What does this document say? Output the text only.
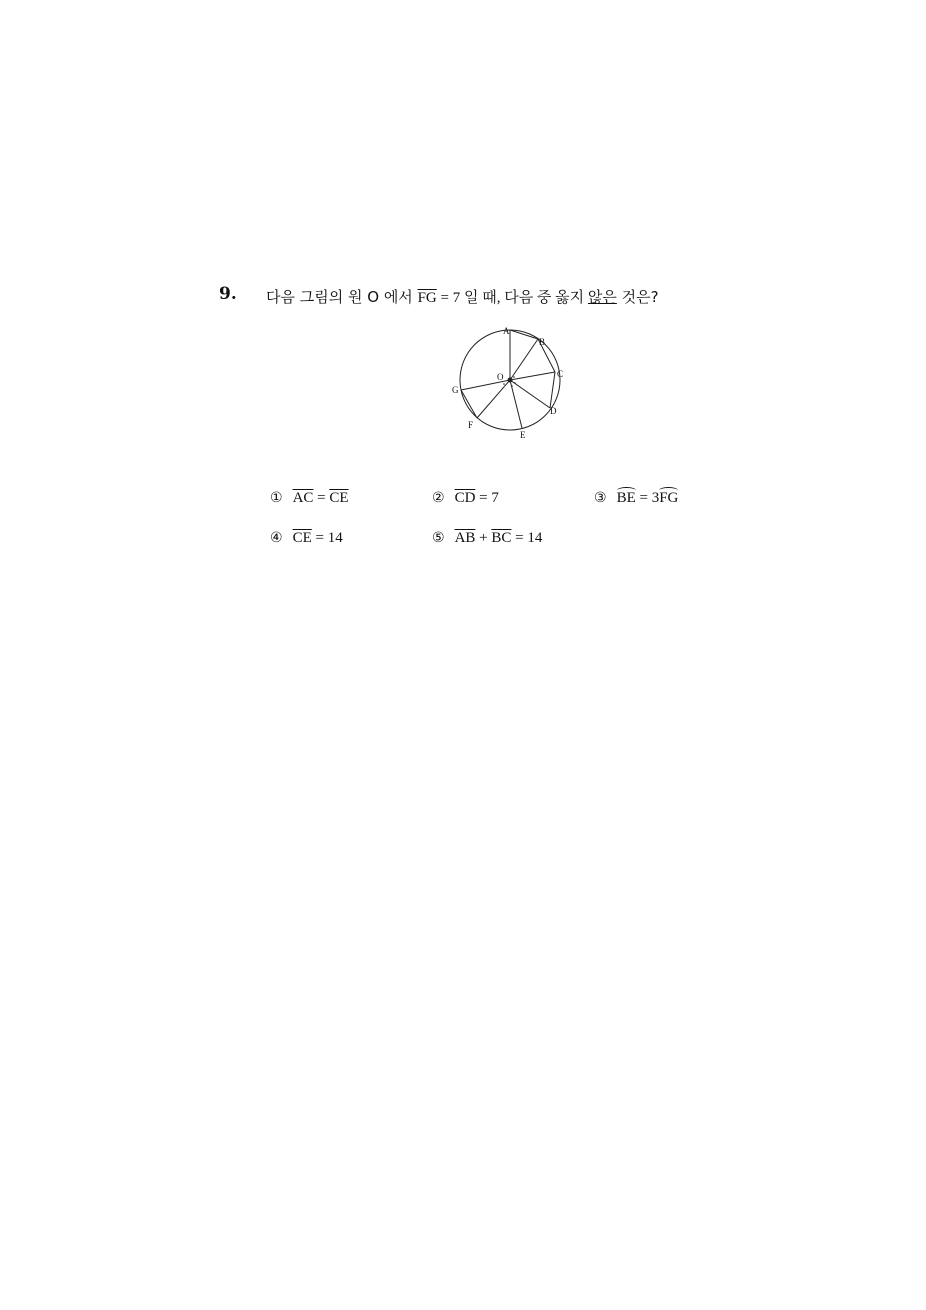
9. 다음 그림의 원 O 에서 $\overline{FG} = 7$ 일 때, 다음 중 옳지 않은 것은?
A
B
C
D
E
F
G
O
① $\overline{AC} = \overline{CE}$	② $\overline{CD} = 7$	③ BE = 3FG
④ $\overline{CE} = 14$	⑤ $\overline{AB} + \overline{BC} = 14$
